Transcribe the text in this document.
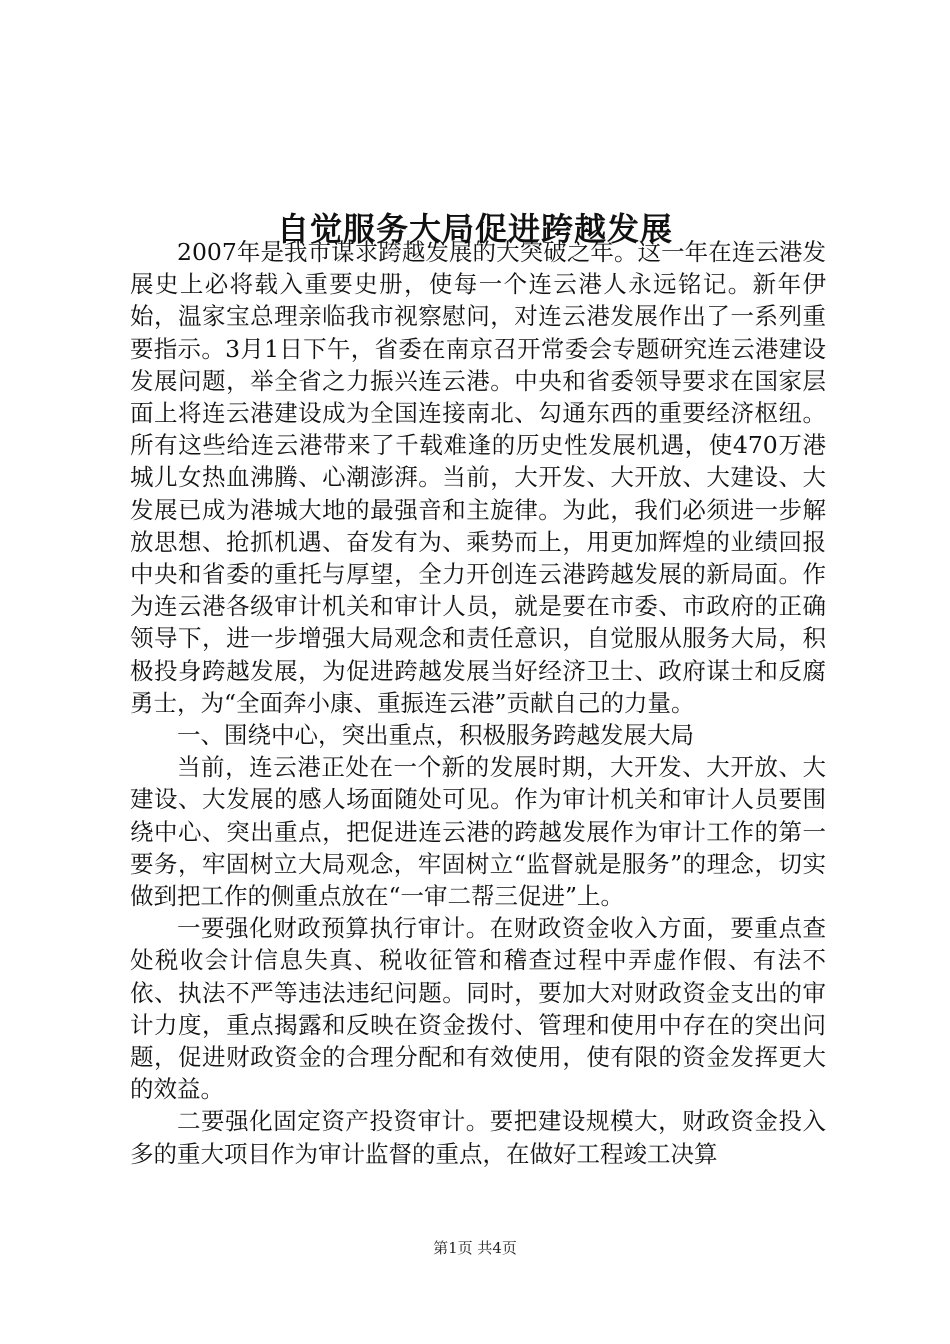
自觉服务大局促进跨越发展

2007年是我市谋求跨越发展的大突破之年。这一年在连云港发展史上必将载入重要史册，使每一个连云港人永远铭记。新年伊始，温家宝总理亲临我市视察慰问，对连云港发展作出了一系列重要指示。3月1日下午，省委在南京召开常委会专题研究连云港建设发展问题，举全省之力振兴连云港。中央和省委领导要求在国家层面上将连云港建设成为全国连接南北、勾通东西的重要经济枢纽。所有这些给连云港带来了千载难逢的历史性发展机遇，使470万港城儿女热血沸腾、心潮澎湃。当前，大开发、大开放、大建设、大发展已成为港城大地的最强音和主旋律。为此，我们必须进一步解放思想、抢抓机遇、奋发有为、乘势而上，用更加辉煌的业绩回报中央和省委的重托与厚望，全力开创连云港跨越发展的新局面。作为连云港各级审计机关和审计人员，就是要在市委、市政府的正确领导下，进一步增强大局观念和责任意识，自觉服从服务大局，积极投身跨越发展，为促进跨越发展当好经济卫士、政府谋士和反腐勇士，为“全面奔小康、重振连云港”贡献自己的力量。

一、围绕中心，突出重点，积极服务跨越发展大局

当前，连云港正处在一个新的发展时期，大开发、大开放、大建设、大发展的感人场面随处可见。作为审计机关和审计人员要围绕中心、突出重点，把促进连云港的跨越发展作为审计工作的第一要务，牢固树立大局观念，牢固树立“监督就是服务”的理念，切实做到把工作的侧重点放在“一审二帮三促进”上。

一要强化财政预算执行审计。在财政资金收入方面，要重点查处税收会计信息失真、税收征管和稽查过程中弄虚作假、有法不依、执法不严等违法违纪问题。同时，要加大对财政资金支出的审计力度，重点揭露和反映在资金拨付、管理和使用中存在的突出问题，促进财政资金的合理分配和有效使用，使有限的资金发挥更大的效益。

二要强化固定资产投资审计。要把建设规模大，财政资金投入多的重大项目作为审计监督的重点，在做好工程竣工决算

第1页 共4页
